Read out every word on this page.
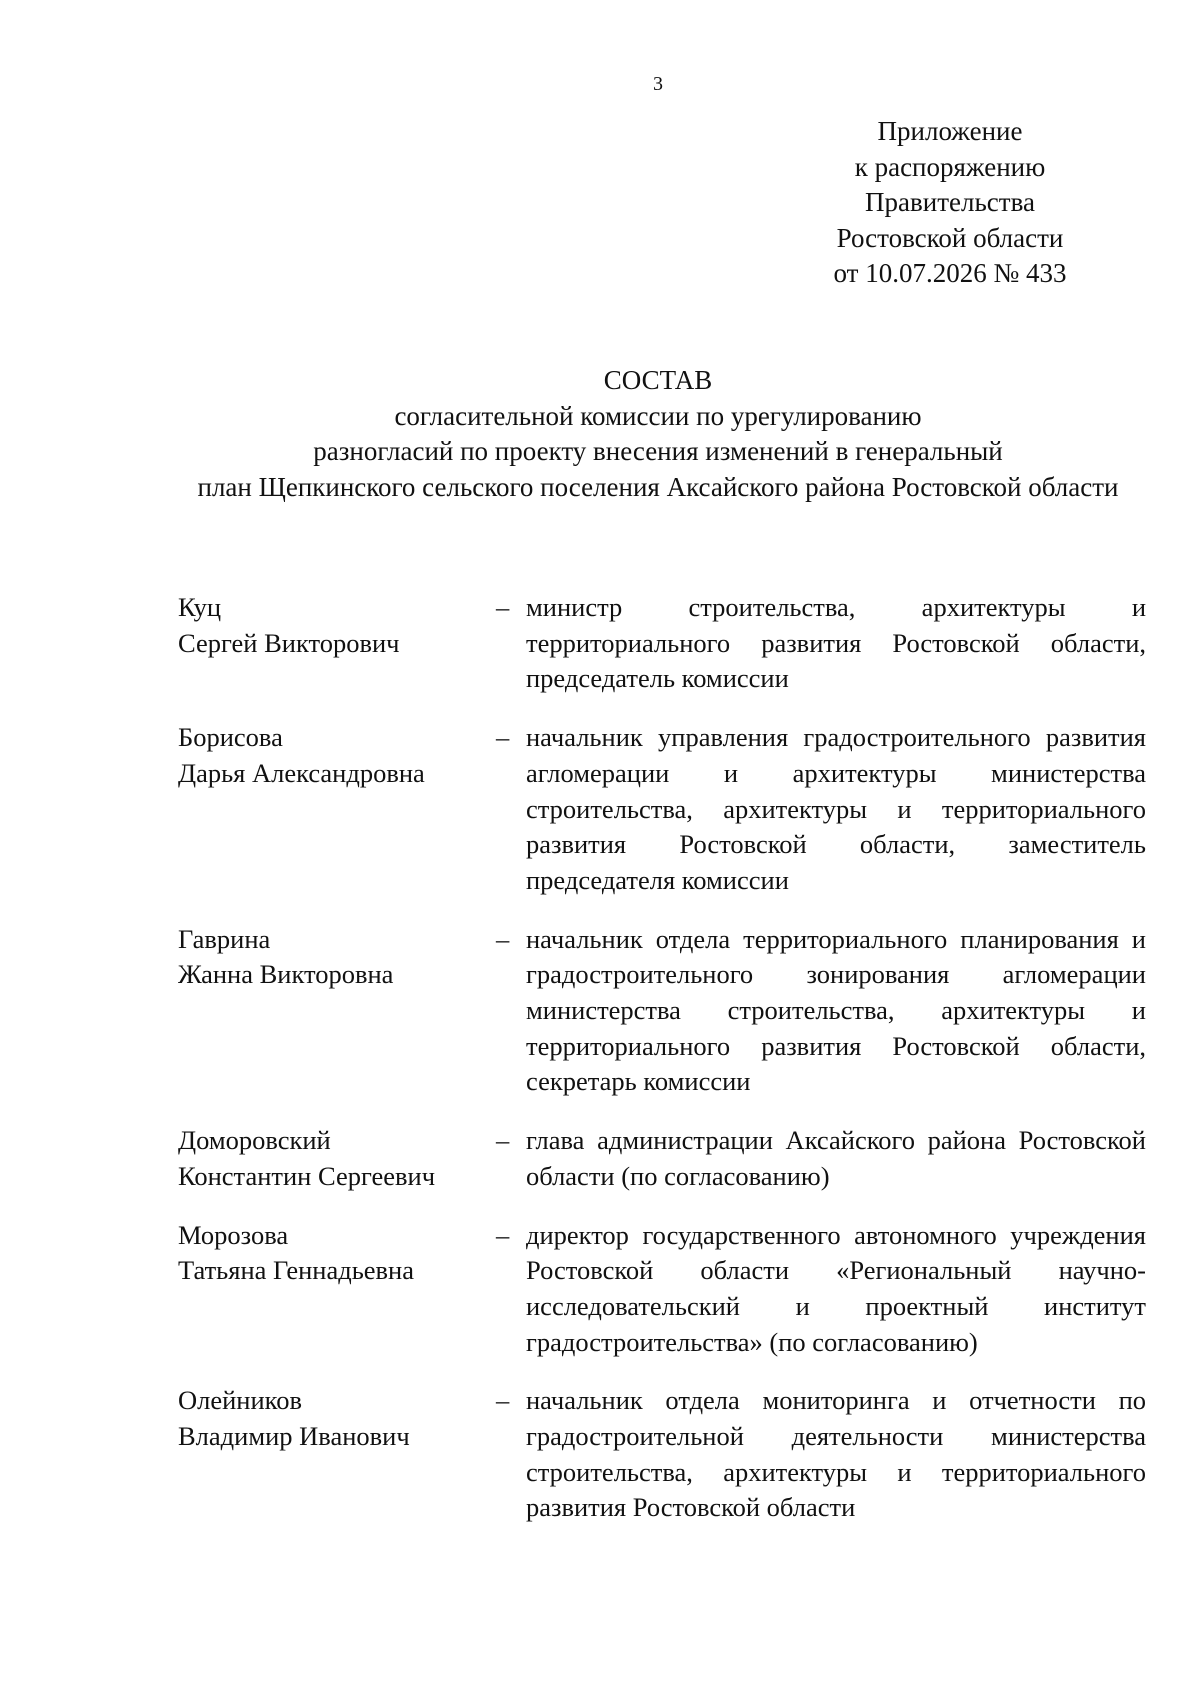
3
Приложение
к распоряжению
Правительства
Ростовской области
от 10.07.2026 № 433
СОСТАВ
согласительной комиссии по урегулированию
разногласий по проекту внесения изменений в генеральный
план Щепкинского сельского поселения Аксайского района Ростовской области
Куц
Сергей Викторович
– министр строительства, архитектуры и территориального развития Ростовской области, председатель комиссии
Борисова
Дарья Александровна
– начальник управления градостроительного развития агломерации и архитектуры министерства строительства, архитектуры и территориального развития Ростовской области, заместитель председателя комиссии
Гаврина
Жанна Викторовна
– начальник отдела территориального планирования и градостроительного зонирования агломерации министерства строительства, архитектуры и территориального развития Ростовской области, секретарь комиссии
Доморовский
Константин Сергеевич
– глава администрации Аксайского района Ростовской области (по согласованию)
Морозова
Татьяна Геннадьевна
– директор государственного автономного учреждения Ростовской области «Региональный научно-исследовательский и проектный институт градостроительства» (по согласованию)
Олейников
Владимир Иванович
– начальник отдела мониторинга и отчетности по градостроительной деятельности министерства строительства, архитектуры и территориального развития Ростовской области
